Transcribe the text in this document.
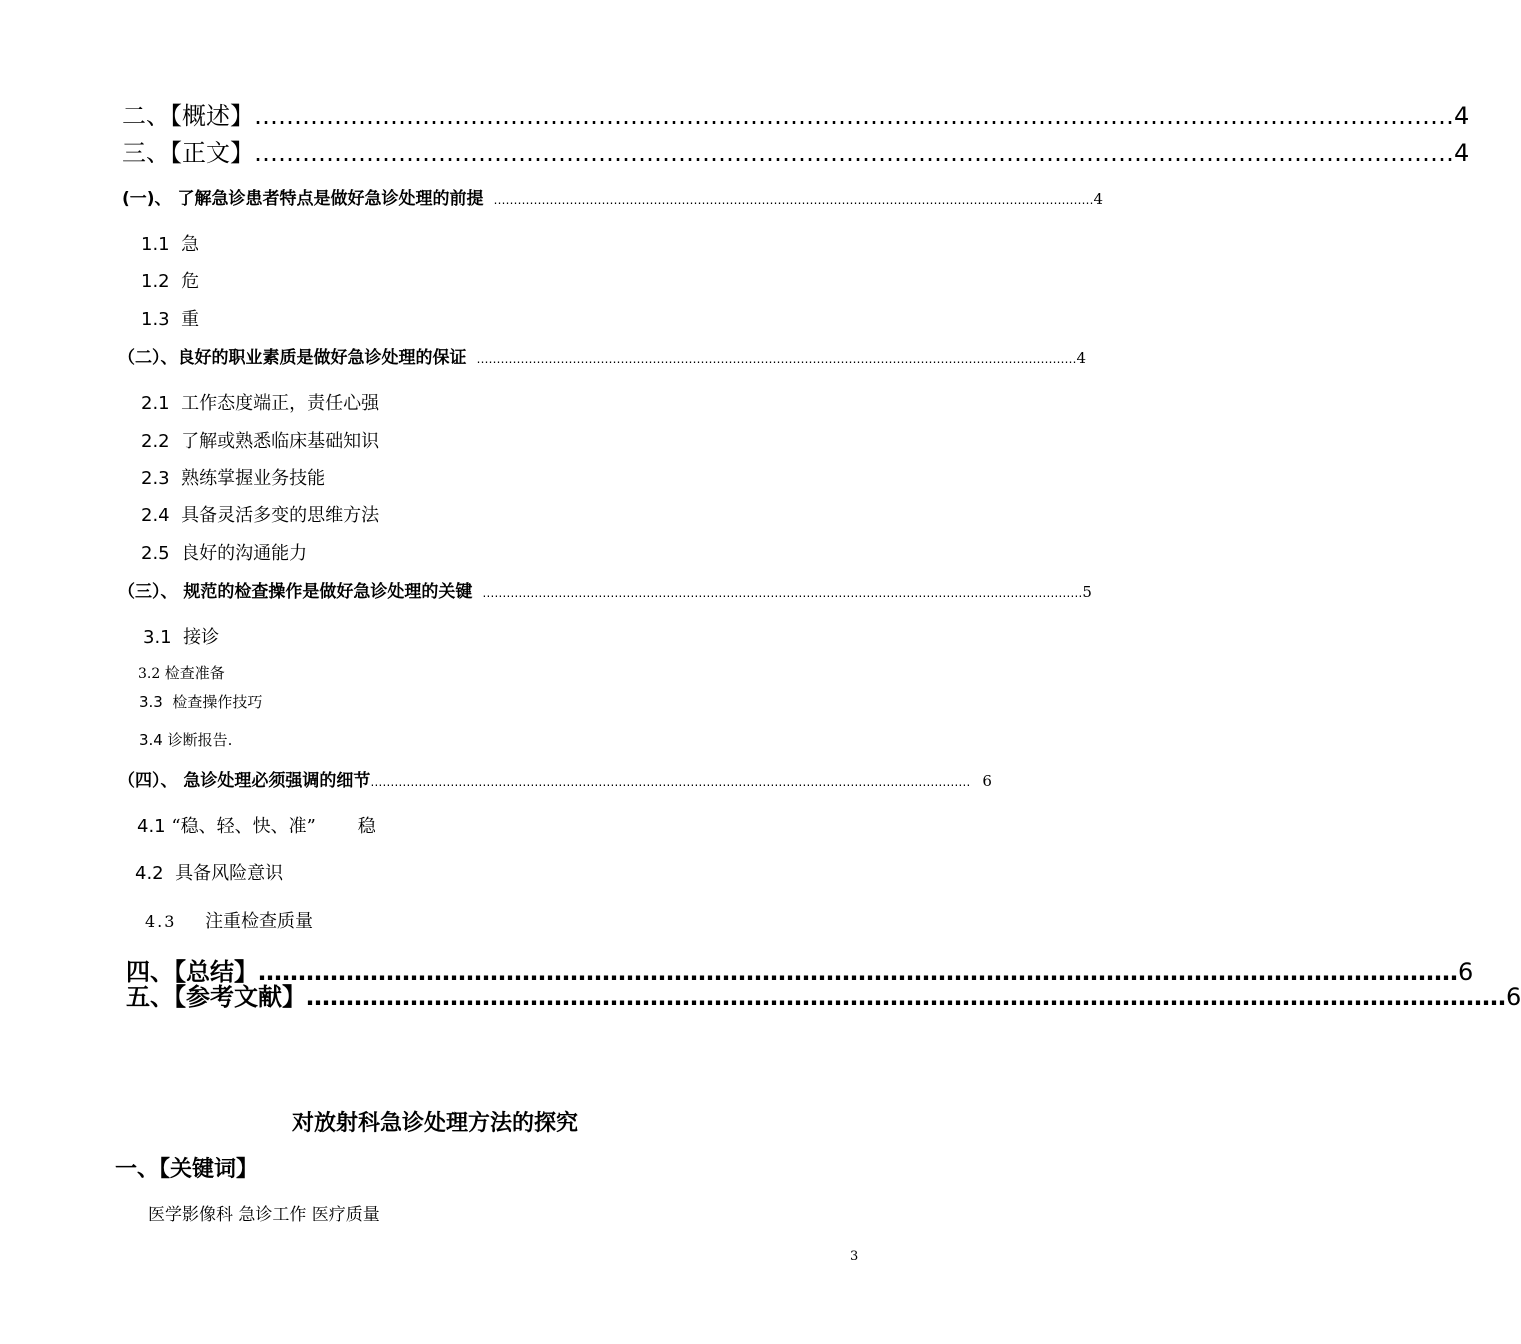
二、【概述】 …………………………………………………………………………………………………………………………………… 4
三、【正文】 …………………………………………………………………………………………………………………………………… 4
(一)、 了解急诊患者特点是做好急诊处理的前提 …………………………………………………………………………………………………………………………………… 4
1.1 急
1.2 危
1.3 重
（二）、良好的职业素质是做好急诊处理的保证 …………………………………………………………………………………………………………………………………… 4
2.1 工作态度端正，责任心强
2.2 了解或熟悉临床基础知识
2.3 熟练掌握业务技能
2.4 具备灵活多变的思维方法
2.5 良好的沟通能力
（三）、 规范的检查操作是做好急诊处理的关键 …………………………………………………………………………………………………………………………………… 5
3.1 接诊
3.2 检查准备
3.3 检查操作技巧
3.4 诊断报告.
（四）、 急诊处理必须强调的细节 …………………………………………………………………………………………………………………………………… 6
4.1 “稳、轻、快、准” 稳
4.2 具备风险意识
4.3 注重检查质量
四、【总结】 …………………………………………………………………………………………………………………………………… 6
五、【参考文献】 …………………………………………………………………………………………………………………………………… 6
对放射科急诊处理方法的探究
一、【关键词】
医学影像科 急诊工作 医疗质量
3
